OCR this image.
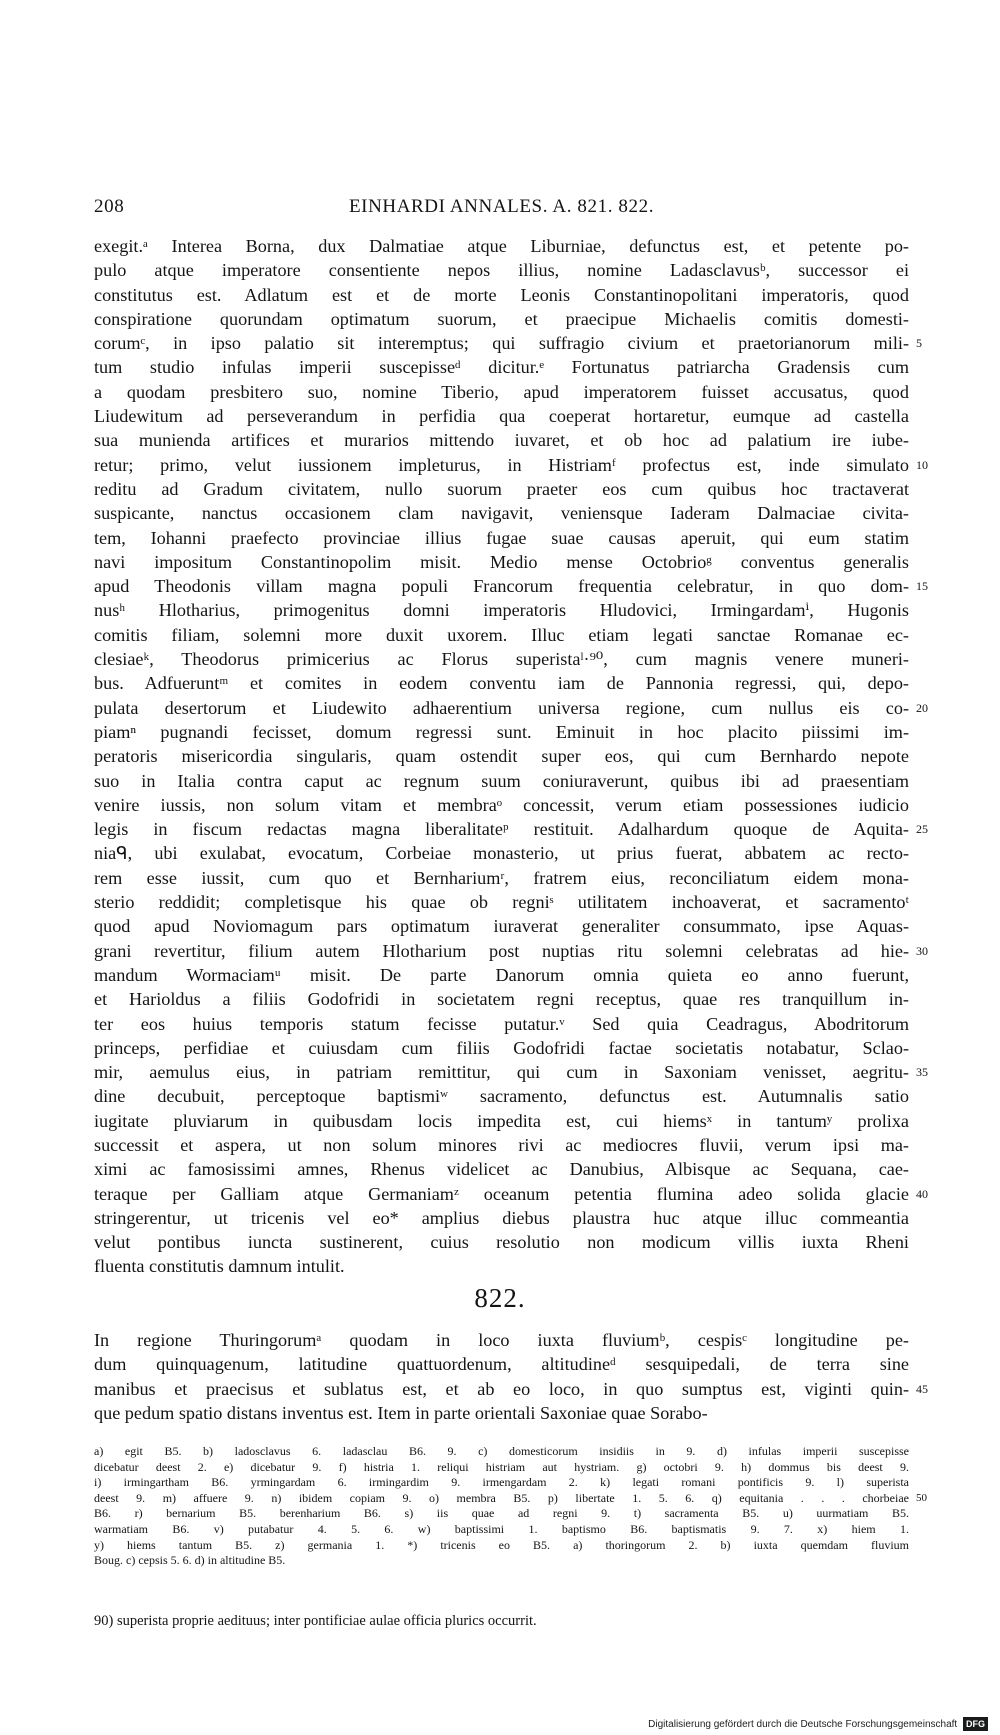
208	EINHARDI ANNALES. A. 821. 822.
exegit.ᵃ Interea Borna, dux Dalmatiae atque Liburniae, defunctus est, et petente po-
pulo atque imperatore consentiente nepos illius, nomine Ladasclavusᵇ, successor ei
constitutus est. Adlatum est et de morte Leonis Constantinopolitani imperatoris, quod
conspiratione quorundam optimatum suorum, et praecipue Michaelis comitis domesti-
corumᶜ, in ipso palatio sit interemptus; qui suffragio civium et praetorianorum mili- 5
tum studio infulas imperii suscepisseᵈ dicitur.ᵉ Fortunatus patriarcha Gradensis cum
a quodam presbitero suo, nomine Tiberio, apud imperatorem fuisset accusatus, quod
Liudewitum ad perseverandum in perfidia qua coeperat hortaretur, eumque ad castella
sua munienda artifices et murarios mittendo iuvaret, et ob hoc ad palatium ire iube-
retur; primo, velut iussionem impleturus, in Histriamᶠ profectus est, inde simulato 10
reditu ad Gradum civitatem, nullo suorum praeter eos cum quibus hoc tractaverat
suspicante, nanctus occasionem clam navigavit, veniensque Iaderam Dalmaciae civita-
tem, Iohanni praefecto provinciae illius fugae suae causas aperuit, qui eum statim
navi impositum Constantinopolim misit. Medio mense Octobrioᵍ conventus generalis
apud Theodonis villam magna populi Francorum frequentia celebratur, in quo dom- 15
nusʰ Hlotharius, primogenitus domni imperatoris Hludovici, Irmingardamⁱ, Hugonis
comitis filiam, solemni more duxit uxorem. Illuc etiam legati sanctae Romanae ec-
clesiaeᵏ, Theodorus primicerius ac Florus superistaˡ·⁹⁰, cum magnis venere muneri-
bus. Adfueruntᵐ et comites in eodem conventu iam de Pannonia regressi, qui, depo-
pulata desertorum et Liudewito adhaerentium universa regione, cum nullus eis co- 20
piamⁿ pugnandi fecisset, domum regressi sunt. Eminuit in hoc placito piissimi im-
peratoris misericordia singularis, quam ostendit super eos, qui cum Bernhardo nepote
suo in Italia contra caput ac regnum suum coniuraverunt, quibus ibi ad praesentiam
venire iussis, non solum vitam et membraᵒ concessit, verum etiam possessiones iudicio
legis in fiscum redactas magna liberalitateᵖ restituit. Adalhardum quoque de Aquita- 25
niaᑫ, ubi exulabat, evocatum, Corbeiae monasterio, ut prius fuerat, abbatem ac recto-
rem esse iussit, cum quo et Bernhariumʳ, fratrem eius, reconciliatum eidem mona-
sterio reddidit; completisque his quae ob regniˢ utilitatem inchoaverat, et sacramentoᵗ
quod apud Noviomagum pars optimatum iuraverat generaliter consummato, ipse Aquas-
grani revertitur, filium autem Hlotharium post nuptias ritu solemni celebratas ad hie- 30
mandum Wormaciamᵘ misit. De parte Danorum omnia quieta eo anno fuerunt,
et Harioldus a filiis Godofridi in societatem regni receptus, quae res tranquillum in-
ter eos huius temporis statum fecisse putatur.ᵛ Sed quia Ceadragus, Abodritorum
princeps, perfidiae et cuiusdam cum filiis Godofridi factae societatis notabatur, Sclao-
mir, aemulus eius, in patriam remittitur, qui cum in Saxoniam venisset, aegritu- 35
dine decubuit, perceptoque baptismiʷ sacramento, defunctus est. Autumnalis satio
iugitate pluviarum in quibusdam locis impedita est, cui hiemsˣ in tantumʸ prolixa
successit et aspera, ut non solum minores rivi ac mediocres fluvii, verum ipsi ma-
ximi ac famosissimi amnes, Rhenus videlicet ac Danubius, Albisque ac Sequana, cae-
teraque per Galliam atque Germaniamᶻ oceanum petentia flumina adeo solida glacie 40
stringerentur, ut tricenis vel eo* amplius diebus plaustra huc atque illuc commeantia
velut pontibus iuncta sustinerent, cuius resolutio non modicum villis iuxta Rheni
fluenta constitutis damnum intulit.
822.
In regione Thuringorumᵃ quodam in loco iuxta fluviumᵇ, cespisᶜ longitudine pe-
dum quinquagenum, latitudine quattuordenum, altitudineᵈ sesquipedali, de terra sine
manibus et praecisus et sublatus est, et ab eo loco, in quo sumptus est, viginti quin- 45
que pedum spatio distans inventus est. Item in parte orientali Saxoniae quae Sorabo-
a) egit B5. b) ladosclavus 6. ladasclau B6. 9. c) domesticorum insidiis in 9. d) infulas imperii suscepisse
dicebatur deest 2. e) dicebatur 9. f) histria 1. reliqui histriam aut hystriam. g) octobri 9. h) dommus bis deest 9.
i) irmingartham B6. yrmingardam 6. irmingardim 9. irmengardam 2. k) legati romani pontificis 9. l) superista
deest 9. m) affuere 9. n) ibidem copiam 9. o) membra B5. p) libertate 1. 5. 6. q) equitania . . . chorbeiae 50
B6. r) bernarium B5. berenharium B6. s) iis quae ad regni 9. t) sacramenta B5. u) uurmatiam B5.
warmatiam B6. v) putabatur 4. 5. 6. w) baptissimi 1. baptismo B6. baptismatis 9. 7. x) hiem 1.
y) hiems tantum B5. z) germania 1. *) tricenis eo B5. a) thoringorum 2. b) iuxta quemdam fluvium
Boug. c) cepsis 5. 6. d) in altitudine B5.
90) superista proprie aedituus; inter pontificiae aulae officia plurics occurrit.
Digitalisierung gefördert durch die Deutsche Forschungsgemeinschaft DFG
